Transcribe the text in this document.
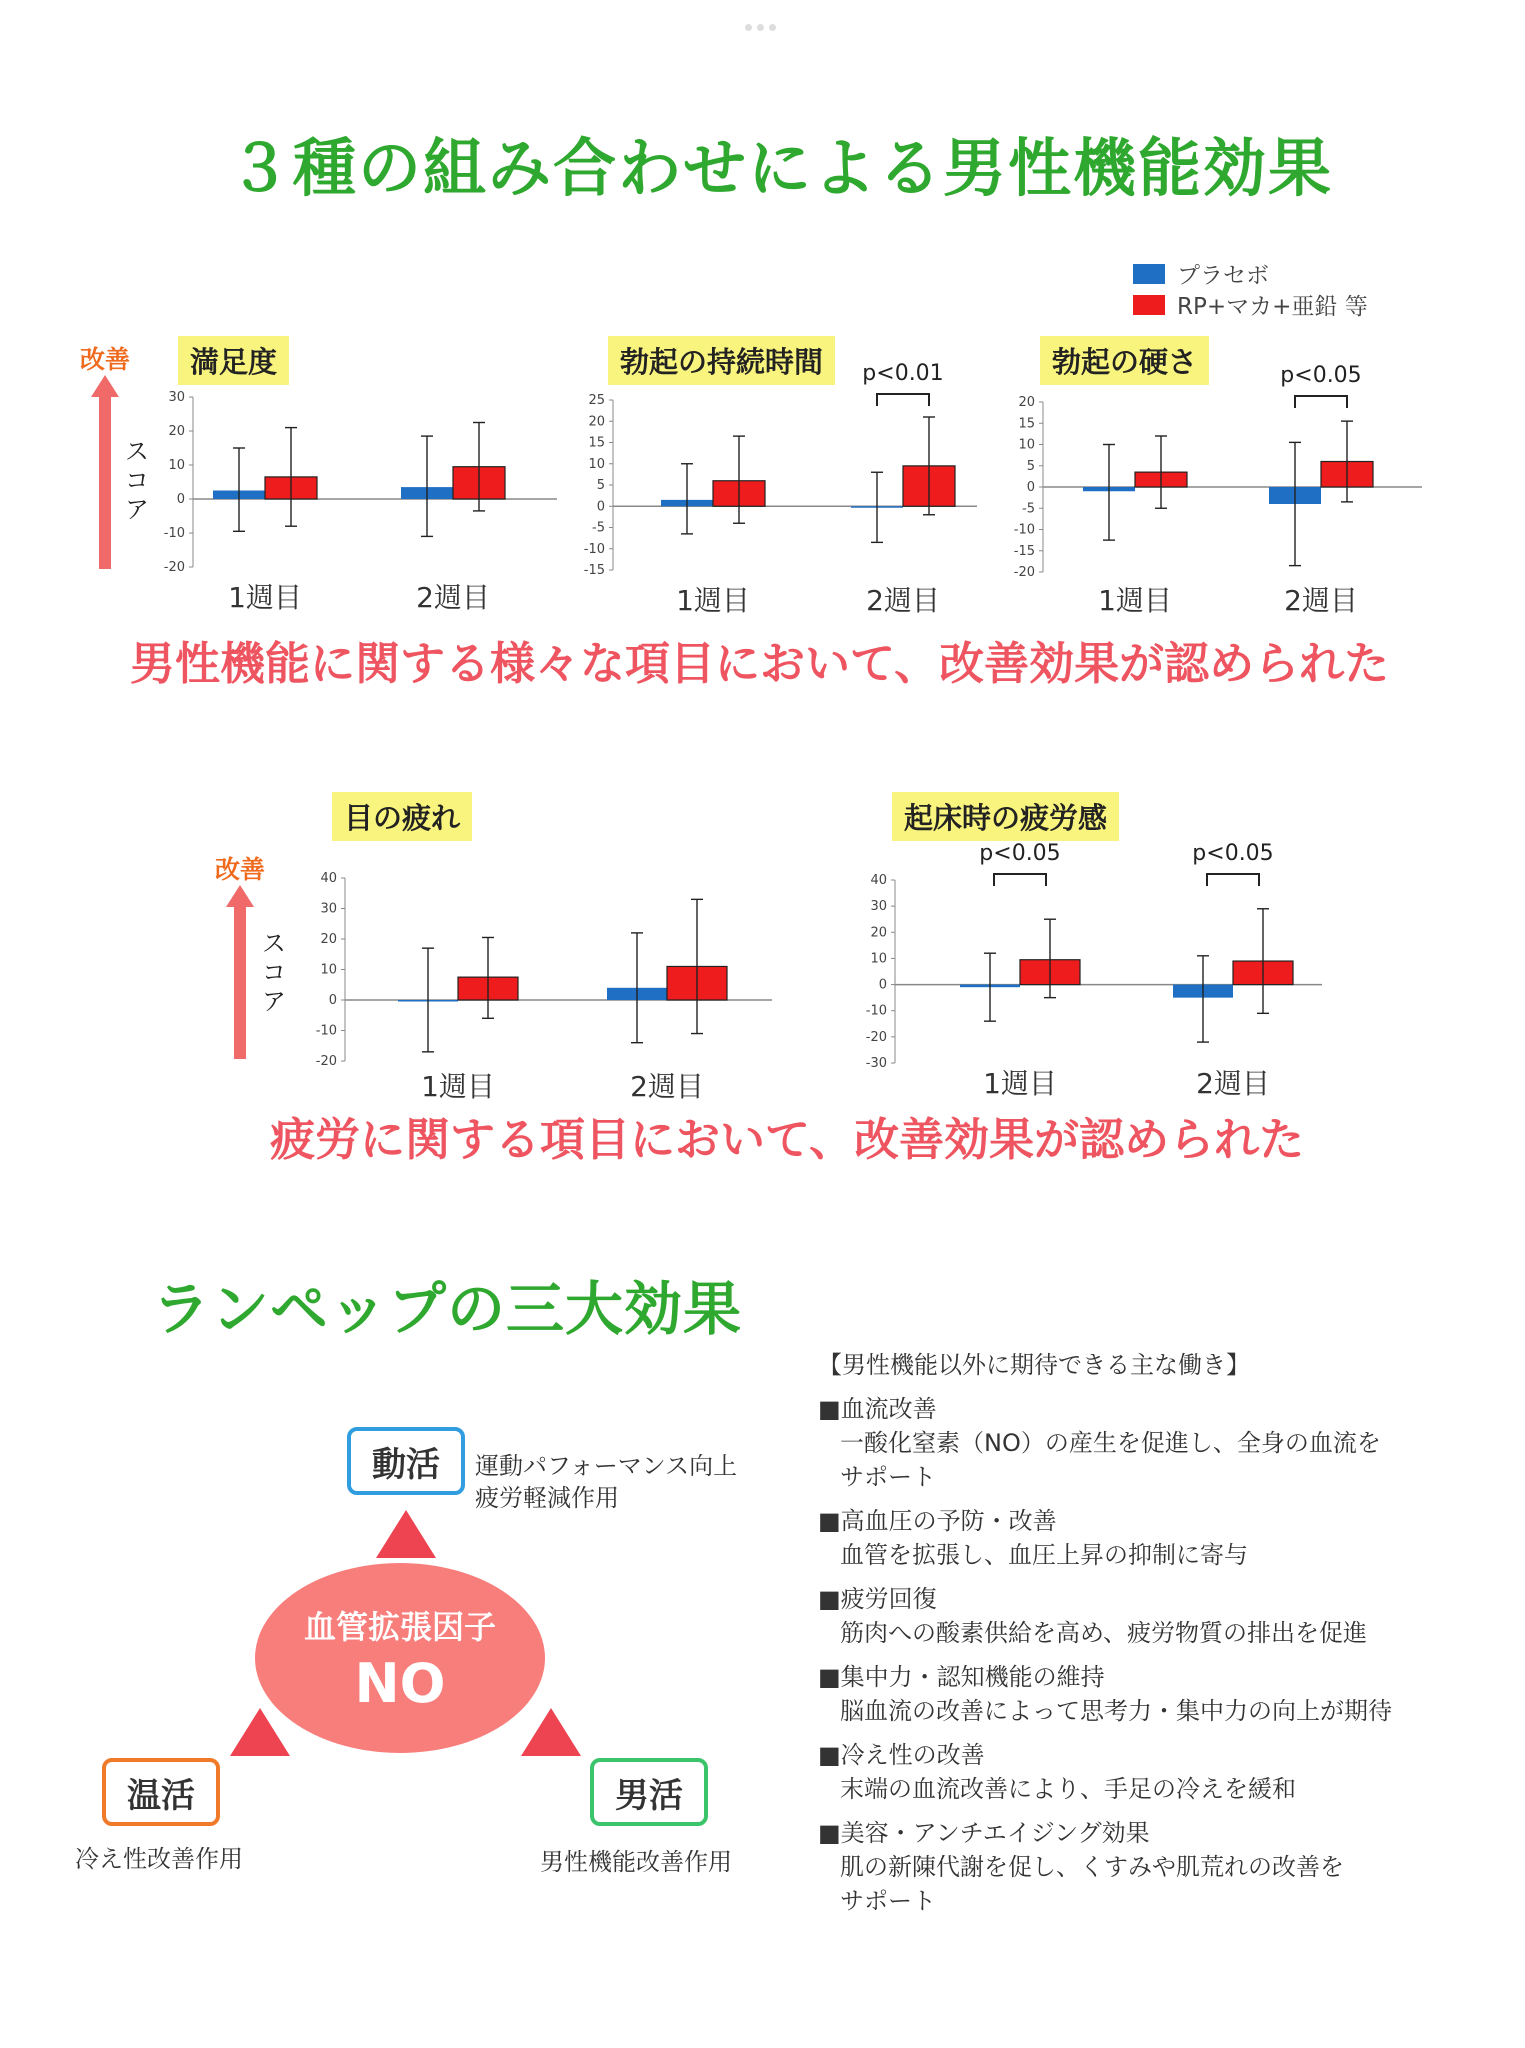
３種の組み合わせによる男性機能効果
プラセボ
RP+マカ+亜鉛 等
改善
スコア
満足度	勃起の持続時間	勃起の硬さ
目の疲れ	起床時の疲労感
30
20
10
0
-10
-20
1週目	2週目
25
20
15
10
5
0
-5
-10
-15
1週目	2週目
p<0.01
20
15
10
5
0
-5
-10
-15
-20
1週目	2週目
p<0.05
40
30
20
10
0
-10
-20
1週目	2週目
40
30
20
10
0
-10
-20
-30
1週目	2週目
p<0.05	p<0.05
男性機能に関する様々な項目において、改善効果が認められた
改善
スコア
疲労に関する項目において、改善効果が認められた
ランペップの三大効果
動活	運動パフォーマンス向上
疲労軽減作用
血管拡張因子
NO
温活
冷え性改善作用
男活
男性機能改善作用
【男性機能以外に期待できる主な働き】
■血流改善
一酸化窒素（NO）の産生を促進し、全身の血流を
サポート
■高血圧の予防・改善
血管を拡張し、血圧上昇の抑制に寄与
■疲労回復
筋肉への酸素供給を高め、疲労物質の排出を促進
■集中力・認知機能の維持
脳血流の改善によって思考力・集中力の向上が期待
■冷え性の改善
末端の血流改善により、手足の冷えを緩和
■美容・アンチエイジング効果
肌の新陳代謝を促し、くすみや肌荒れの改善を
サポート
